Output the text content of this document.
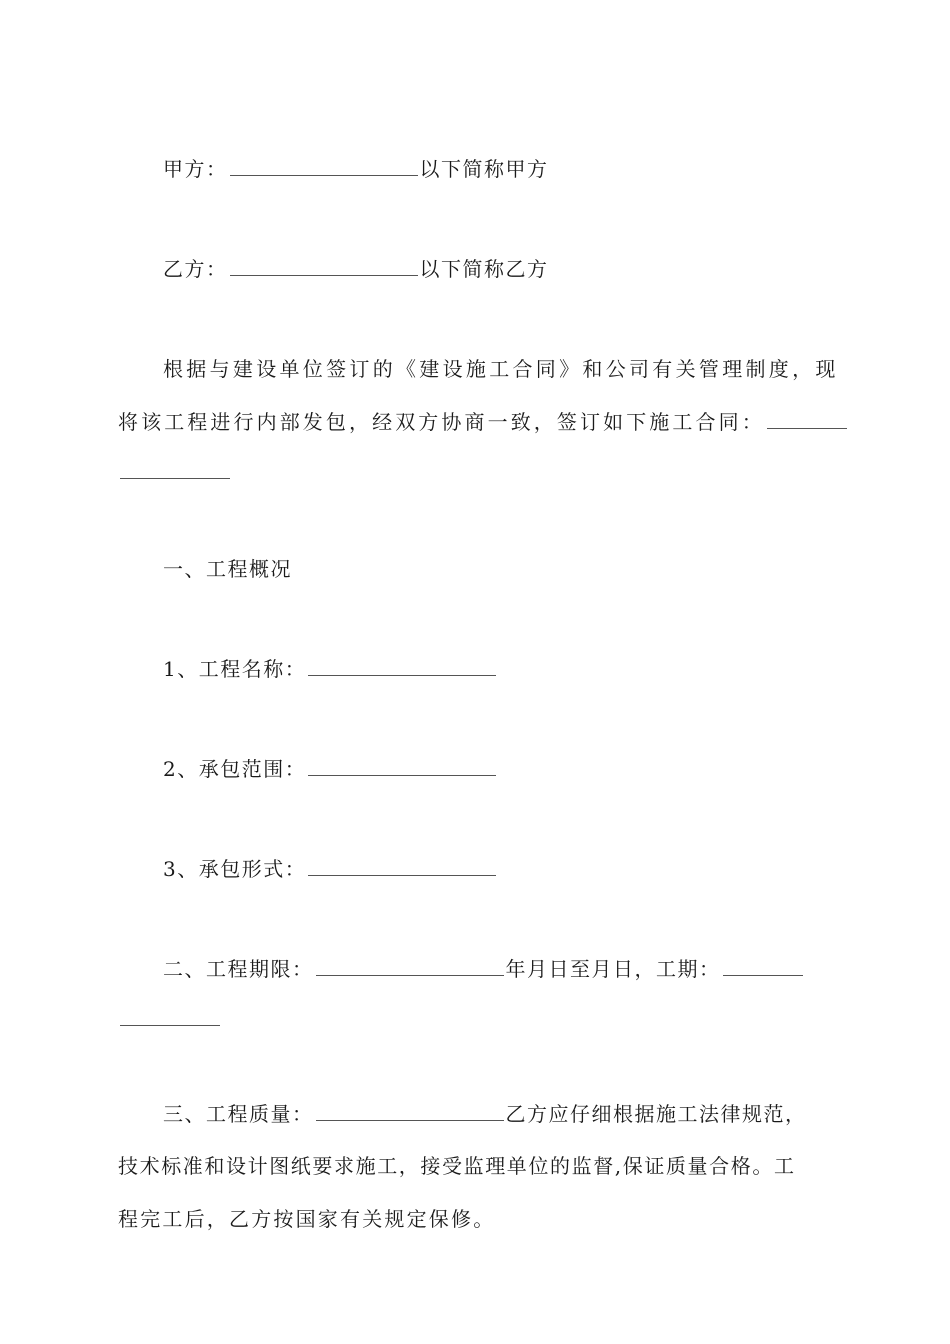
甲方：	以下简称甲方
乙方：	以下简称乙方
根据与建设单位签订的《建设施工合同》和公司有关管理制度，现
将该工程进行内部发包，经双方协商一致，签订如下施工合同：
一、工程概况
1、工程名称：
2、承包范围：
3、承包形式：
二、工程期限：	年月日至月日，工期：
三、工程质量：	乙方应仔细根据施工法律规范，
技术标准和设计图纸要求施工，接受监理单位的监督,保证质量合格。工
程完工后，乙方按国家有关规定保修。
